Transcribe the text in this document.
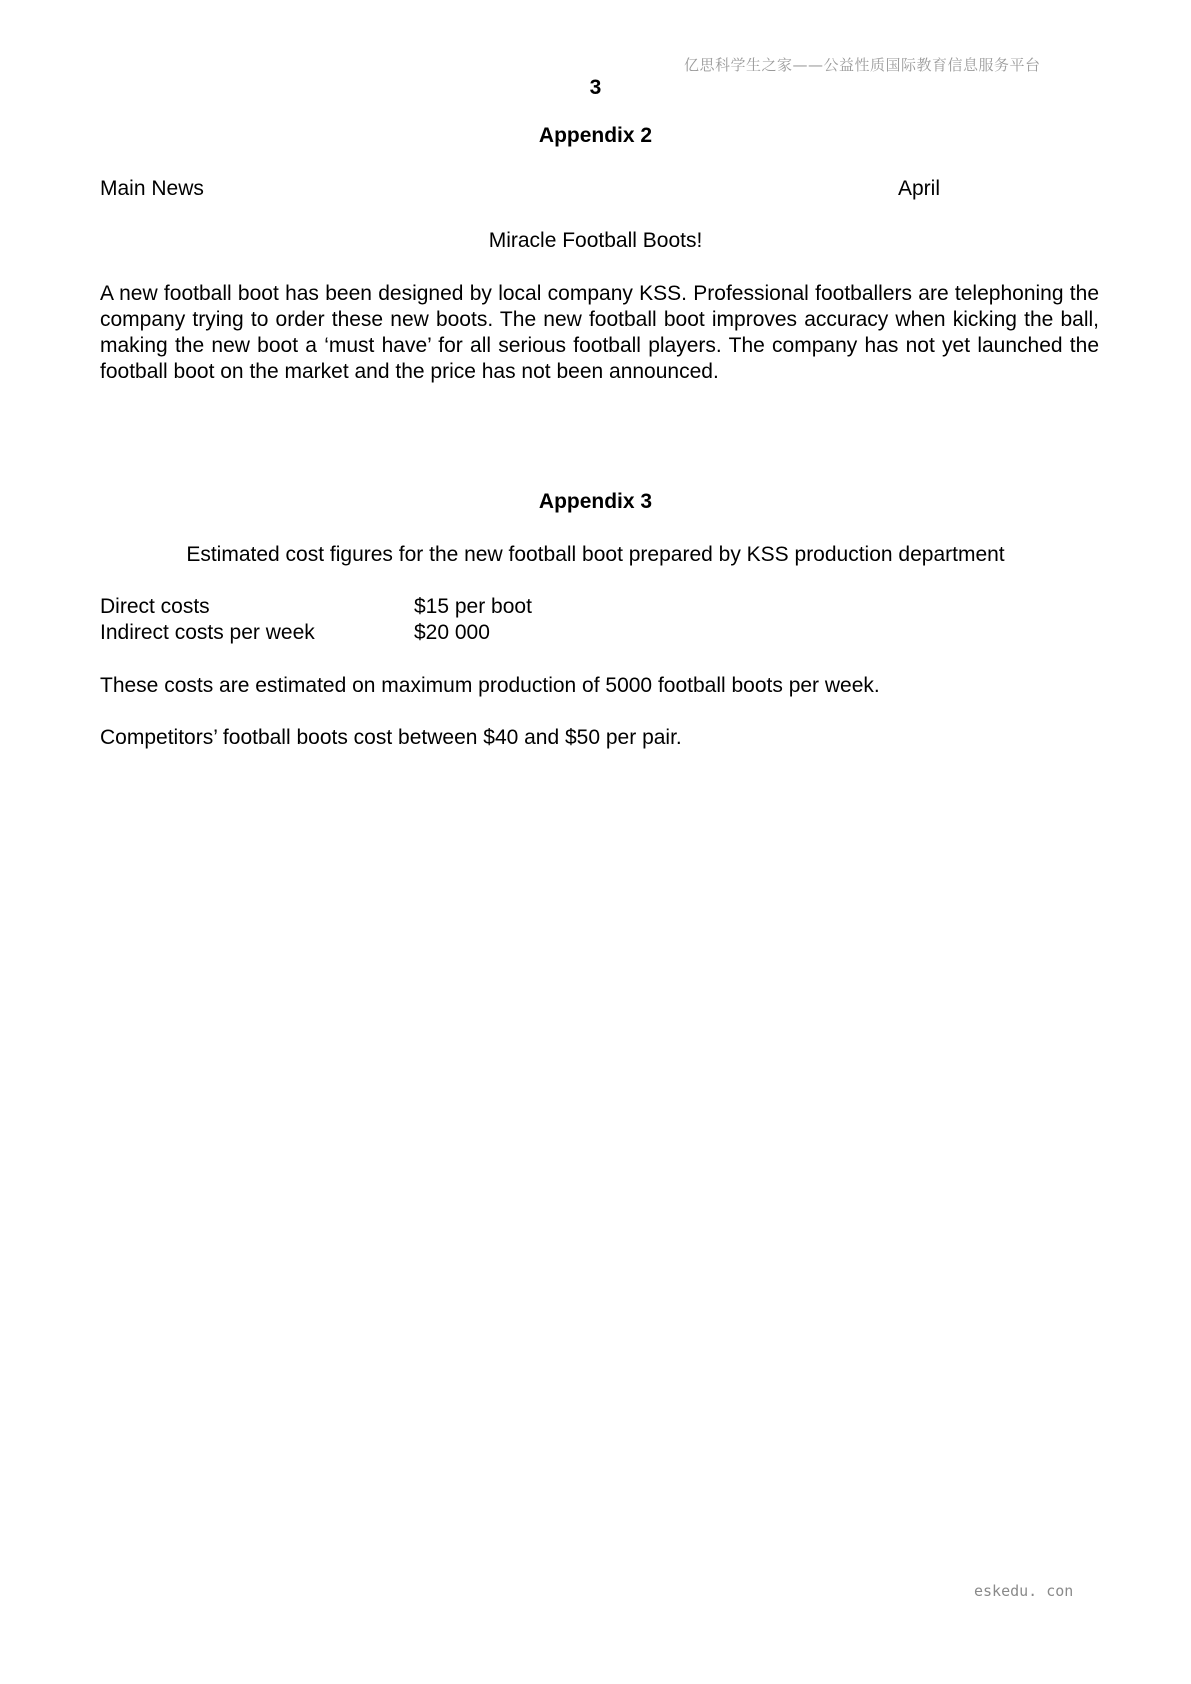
亿思科学生之家——公益性质国际教育信息服务平台
3
Appendix 2
Main News	April
Miracle Football Boots!
A new football boot has been designed by local company KSS. Professional footballers are telephoning the company trying to order these new boots. The new football boot improves accuracy when kicking the ball, making the new boot a ‘must have’ for all serious football players. The company has not yet launched the football boot on the market and the price has not been announced.
Appendix 3
Estimated cost figures for the new football boot prepared by KSS production department
Direct costs	$15 per boot
Indirect costs per week	$20 000
These costs are estimated on maximum production of 5000 football boots per week.
Competitors’ football boots cost between $40 and $50 per pair.
eskedu. con
